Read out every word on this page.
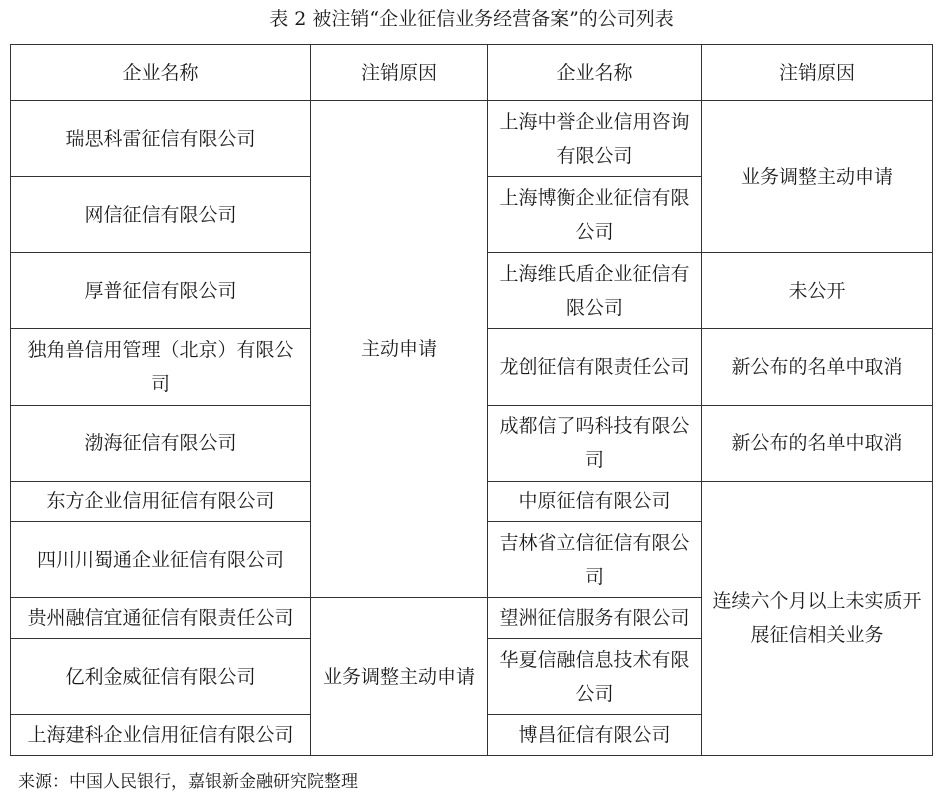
表 2 被注销“企业征信业务经营备案”的公司列表
企业名称	注销原因	企业名称	注销原因
瑞思科雷征信有限公司	主动申请	上海中誉企业信用咨询有限公司	业务调整主动申请
网信征信有限公司		上海博衡企业征信有限公司	
厚普征信有限公司		上海维氏盾企业征信有限公司	未公开
独角兽信用管理（北京）有限公司		龙创征信有限责任公司	新公布的名单中取消
渤海征信有限公司		成都信了吗科技有限公司	新公布的名单中取消
东方企业信用征信有限公司		中原征信有限公司	连续六个月以上未实质开展征信相关业务
四川川蜀通企业征信有限公司		吉林省立信征信有限公司	
贵州融信宜通征信有限责任公司	业务调整主动申请	望洲征信服务有限公司	
亿利金威征信有限公司		华夏信融信息技术有限公司	
上海建科企业信用征信有限公司		博昌征信有限公司	
来源：中国人民银行，嘉银新金融研究院整理
